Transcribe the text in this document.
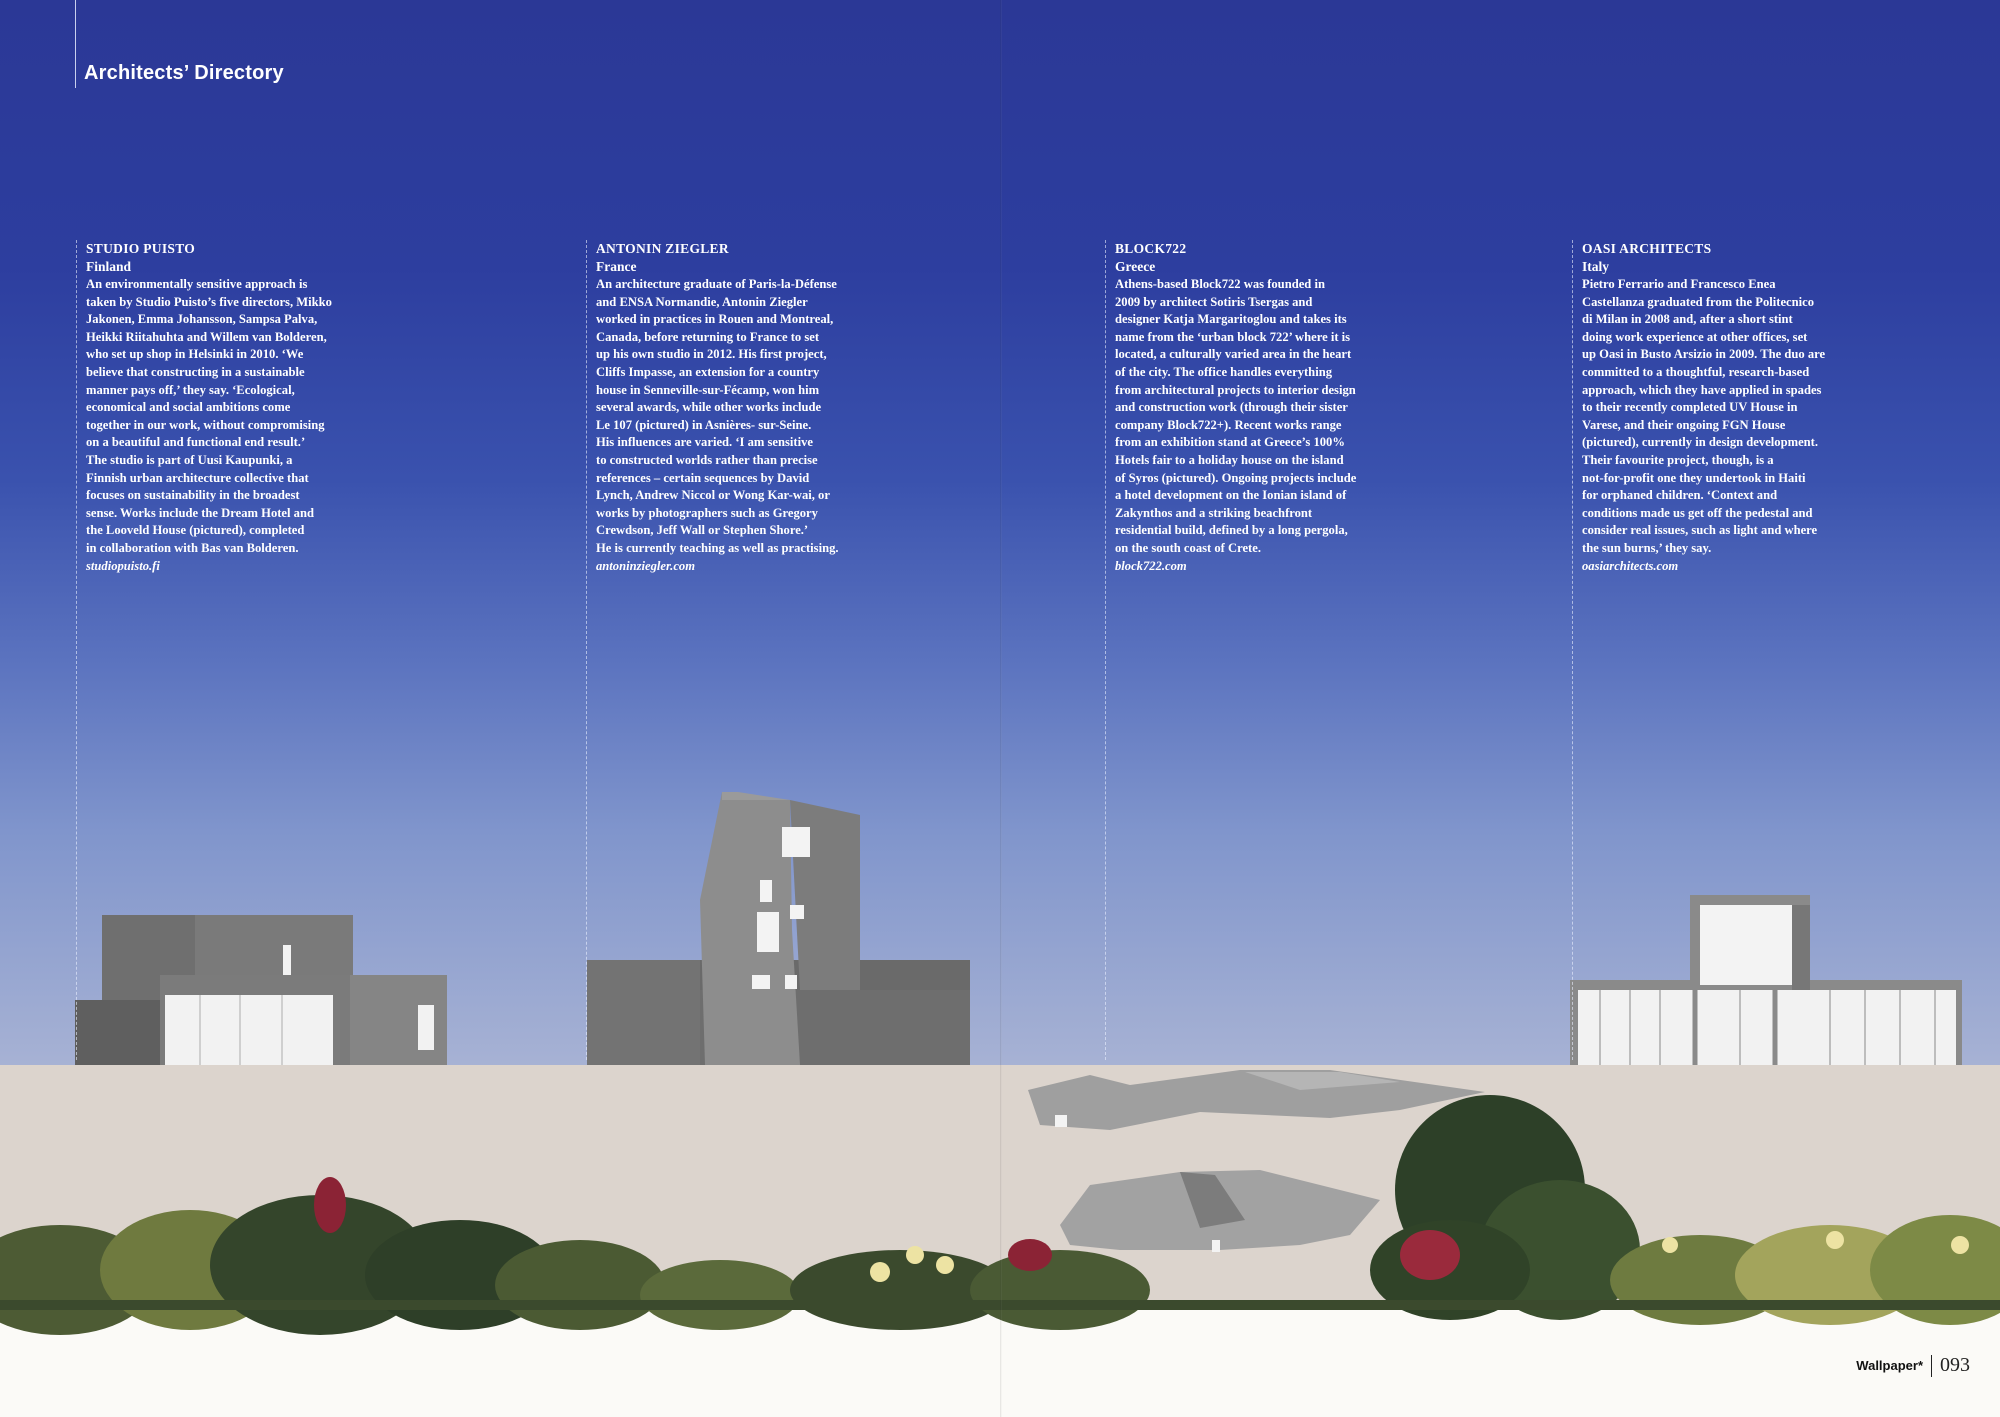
Architects’ Directory
STUDIO PUISTO

Finland

An environmentally sensitive approach is
taken by Studio Puisto’s five directors, Mikko
Jakonen, Emma Johansson, Sampsa Palva,
Heikki Riitahuhta and Willem van Bolderen,
who set up shop in Helsinki in 2010. ‘We
believe that constructing in a sustainable
manner pays off,’ they say. ‘Ecological,
economical and social ambitions come
together in our work, without compromising
on a beautiful and functional end result.’
The studio is part of Uusi Kaupunki, a
Finnish urban architecture collective that
focuses on sustainability in the broadest
sense. Works include the Dream Hotel and
the Looveld House (pictured), completed
in collaboration with Bas van Bolderen.

studiopuisto.fi

ANTONIN ZIEGLER

France

An architecture graduate of Paris-la-Défense
and ENSA Normandie, Antonin Ziegler
worked in practices in Rouen and Montreal,
Canada, before returning to France to set
up his own studio in 2012. His first project,
Cliffs Impasse, an extension for a country
house in Senneville-sur-Fécamp, won him
several awards, while other works include
Le 107 (pictured) in Asnières- sur-Seine.
His influences are varied. ‘I am sensitive
to constructed worlds rather than precise
references – certain sequences by David
Lynch, Andrew Niccol or Wong Kar-wai, or
works by photographers such as Gregory
Crewdson, Jeff Wall or Stephen Shore.’
He is currently teaching as well as practising.

antoninziegler.com

BLOCK722

Greece

Athens-based Block722 was founded in
2009 by architect Sotiris Tsergas and
designer Katja Margaritoglou and takes its
name from the ‘urban block 722’ where it is
located, a culturally varied area in the heart
of the city. The office handles everything
from architectural projects to interior design
and construction work (through their sister
company Block722+). Recent works range
from an exhibition stand at Greece’s 100%
Hotels fair to a holiday house on the island
of Syros (pictured). Ongoing projects include
a hotel development on the Ionian island of
Zakynthos and a striking beachfront
residential build, defined by a long pergola,
on the south coast of Crete.

block722.com

OASI ARCHITECTS

Italy

Pietro Ferrario and Francesco Enea
Castellanza graduated from the Politecnico
di Milan in 2008 and, after a short stint
doing work experience at other offices, set
up Oasi in Busto Arsizio in 2009. The duo are
committed to a thoughtful, research-based
approach, which they have applied in spades
to their recently completed UV House in
Varese, and their ongoing FGN House
(pictured), currently in design development.
Their favourite project, though, is a
not-for-profit one they undertook in Haiti
for orphaned children. ‘Context and
conditions made us get off the pedestal and
consider real issues, such as light and where
the sun burns,’ they say.

oasiarchitects.com

Wallpaper* 093
